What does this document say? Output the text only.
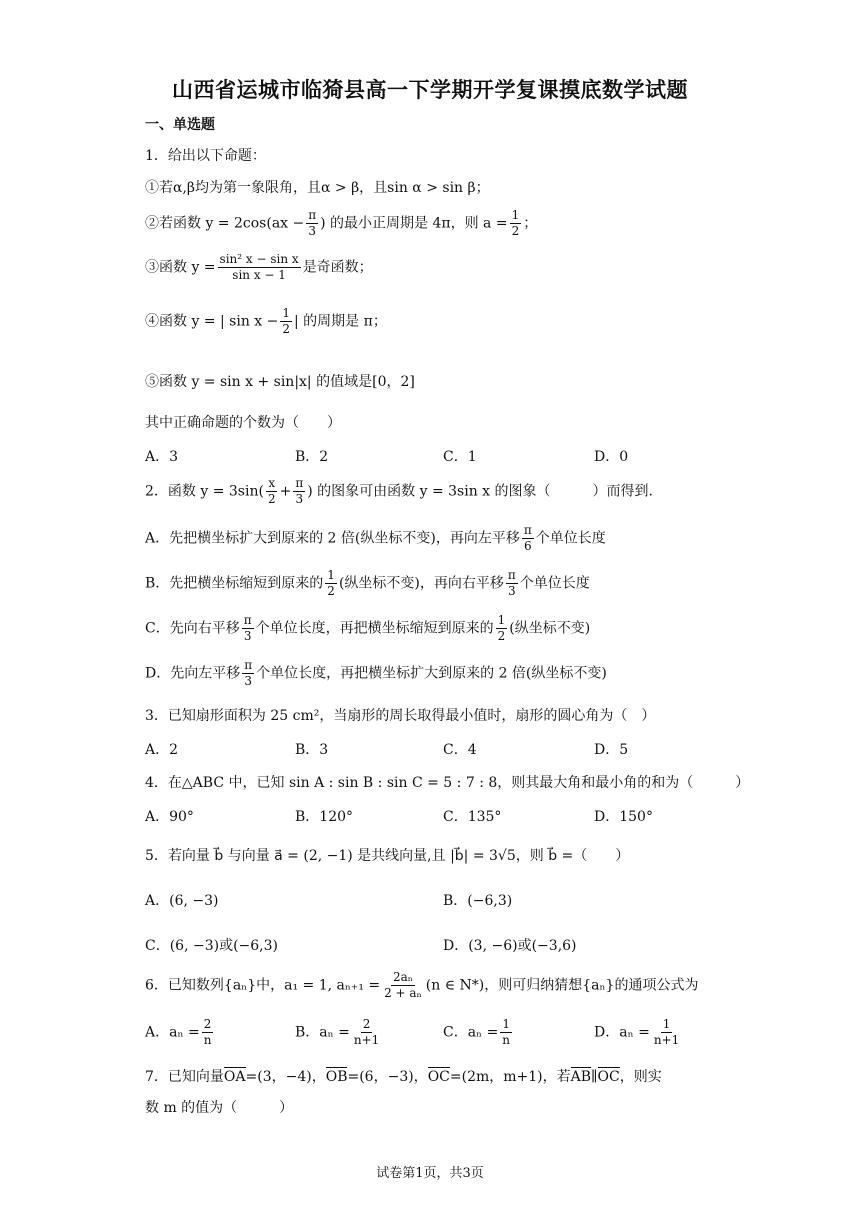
山西省运城市临猗县高一下学期开学复课摸底数学试题
一、单选题
1．给出以下命题：
①若α,β均为第一象限角，且α > β，且sin α > sin β；
②若函数 $y = 2\cos(ax - \frac{\pi}{3}$ ) 的最小正周期是 4π，则 $a = \frac{1}{2}$ ；
③函数 $y = \frac{\text{sin² x − sin x}}{\text{sin x − 1}}$ 是奇函数；
④函数 y = | $\sin x - \frac{1}{2}$ | 的周期是 π；
⑤函数 y = sin x + sin|x| 的值域是[0，2]
其中正确命题的个数为（　　）
A．3	B．2	C．1	D．0
2．函数 $y = 3\sin( \frac{x}{2} + \frac{\pi}{3}$ ) 的图象可由函数 y = 3sin x 的图象（　　　）而得到.
A．先把横坐标扩大到原来的 2 倍(纵坐标不变)，再向左平移 $\frac{\pi}{6}$ 个单位长度
B．先把横坐标缩短到原来的 $\frac{1}{2}$ (纵坐标不变)，再向右平移 $\frac{\pi}{3}$ 个单位长度
C．先向右平移 $\frac{\pi}{3}$ 个单位长度，再把横坐标缩短到原来的 $\frac{1}{2}$ (纵坐标不变)
D．先向左平移 $\frac{\pi}{3}$ 个单位长度，再把横坐标扩大到原来的 2 倍(纵坐标不变)
3．已知扇形面积为 25 cm²，当扇形的周长取得最小值时，扇形的圆心角为（　）
A．2	B．3	C．4	D．5
4．在△ABC 中，已知 sin A : sin B : sin C = 5 : 7 : 8，则其最大角和最小角的和为（　　　）
A．90°	B．120°	C．135°	D．150°
5．若向量 b⃗ 与向量 a⃗ = (2, −1) 是共线向量,且 |b⃗| = 3√5，则 b⃗ =（　　）
A．(6, −3)	B．(−6,3)
C．(6, −3)或(−6,3)	D．(3, −6)或(−3,6)
6．已知数列{aₙ}中，a₁ = 1, $a_{n+1} = \frac{\text{2aₙ}}{\text{2 + aₙ}} (n$ ∈ N*)，则可归纳猜想{aₙ}的通项公式为
A．$a_n = \frac{2}{n}$	B．$a_n = \frac{2}{n+1}$	C．$a_n = \frac{1}{n}$	D．$a_n = \frac{1}{n+1}$
7．已知向量OA=(3，−4)，OB=(6，−3)，OC=(2m，m+1)，若AB∥OC，则实
数 m 的值为（　　　）
试卷第1页，共3页
